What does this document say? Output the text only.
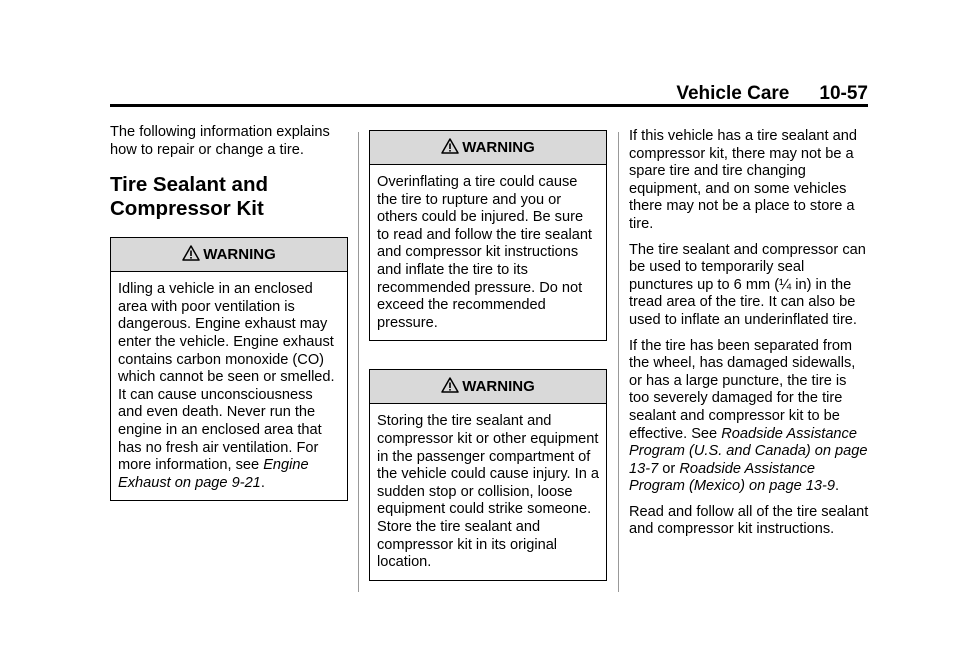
Vehicle Care 10-57

The following information explains how to repair or change a tire.

Tire Sealant and Compressor Kit
WARNING

Idling a vehicle in an enclosed area with poor ventilation is dangerous. Engine exhaust may enter the vehicle. Engine exhaust contains carbon monoxide (CO) which cannot be seen or smelled. It can cause unconsciousness and even death. Never run the engine in an enclosed area that has no fresh air ventilation. For more information, see Engine Exhaust on page 9-21.

WARNING

Overinflating a tire could cause the tire to rupture and you or others could be injured. Be sure to read and follow the tire sealant and compressor kit instructions and inflate the tire to its recommended pressure. Do not exceed the recommended pressure.

WARNING

Storing the tire sealant and compressor kit or other equipment in the passenger compartment of the vehicle could cause injury. In a sudden stop or collision, loose equipment could strike someone. Store the tire sealant and compressor kit in its original location.

If this vehicle has a tire sealant and compressor kit, there may not be a spare tire and tire changing equipment, and on some vehicles there may not be a place to store a tire.

The tire sealant and compressor can be used to temporarily seal punctures up to 6 mm (¼ in) in the tread area of the tire. It can also be used to inflate an underinflated tire.

If the tire has been separated from the wheel, has damaged sidewalls, or has a large puncture, the tire is too severely damaged for the tire sealant and compressor kit to be effective. See Roadside Assistance Program (U.S. and Canada) on page 13-7 or Roadside Assistance Program (Mexico) on page 13-9.

Read and follow all of the tire sealant and compressor kit instructions.
